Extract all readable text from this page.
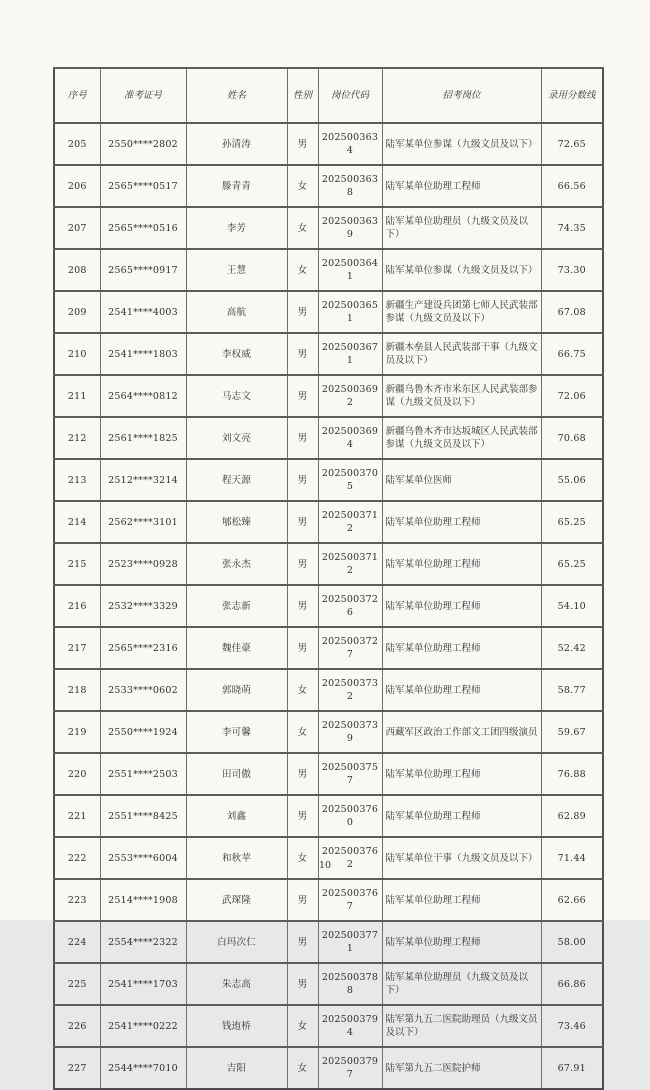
序号	准考证号	姓名	性别	岗位代码	招考岗位	录用分数线
205	2550****2802	孙清涛	男	2025003634	陆军某单位参谋（九级文员及以下）	72.65
206	2565****0517	滕青青	女	2025003638	陆军某单位助理工程师	66.56
207	2565****0516	李芳	女	2025003639	陆军某单位助理员（九级文员及以下）	74.35
208	2565****0917	王慧	女	2025003641	陆军某单位参谋（九级文员及以下）	73.30
209	2541****4003	高航	男	2025003651	新疆生产建设兵团第七师人民武装部参谋（九级文员及以下）	67.08
210	2541****1803	李权威	男	2025003671	新疆木垒县人民武装部干事（九级文员及以下）	66.75
211	2564****0812	马志文	男	2025003692	新疆乌鲁木齐市米东区人民武装部参谋（九级文员及以下）	72.06
212	2561****1825	刘文亮	男	2025003694	新疆乌鲁木齐市达坂城区人民武装部参谋（九级文员及以下）	70.68
213	2512****3214	程天源	男	2025003705	陆军某单位医师	55.06
214	2562****3101	郇松臻	男	2025003712	陆军某单位助理工程师	65.25
215	2523****0928	张永杰	男	2025003712	陆军某单位助理工程师	65.25
216	2532****3329	张志新	男	2025003726	陆军某单位助理工程师	54.10
217	2565****2316	魏佳豪	男	2025003727	陆军某单位助理工程师	52.42
218	2533****0602	郭晓萌	女	2025003732	陆军某单位助理工程师	58.77
219	2550****1924	李可馨	女	2025003739	西藏军区政治工作部文工团四级演员	59.67
220	2551****2503	田司傲	男	2025003757	陆军某单位助理工程师	76.88
221	2551****8425	刘鑫	男	2025003760	陆军某单位助理工程师	62.89
222	2553****6004	和秋苹	女	2025003762	陆军某单位干事（九级文员及以下）	71.44
223	2514****1908	武琛隆	男	2025003767	陆军某单位助理工程师	62.66
224	2554****2322	白玛次仁	男	2025003771	陆军某单位助理工程师	58.00
225	2541****1703	朱志高	男	2025003788	陆军某单位助理员（九级文员及以下）	66.86
226	2541****0222	钱迶桥	女	2025003794	陆军第九五二医院助理员（九级文员及以下）	73.46
227	2544****7010	吉阳	女	2025003797	陆军第九五二医院护师	67.91
10
